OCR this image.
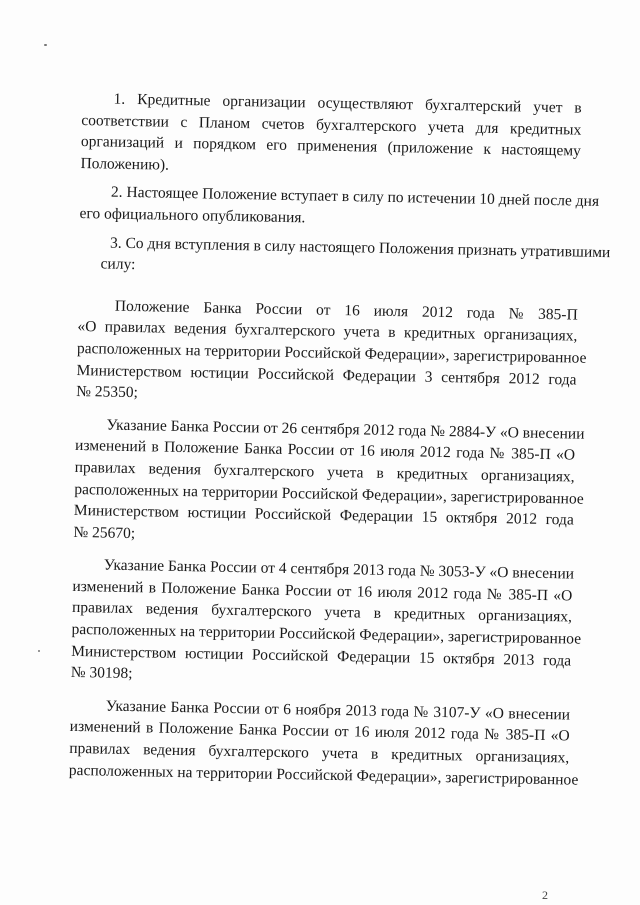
1.   Кредитные   организации   осуществляют   бухгалтерский   учет   в
соответствии с Планом счетов бухгалтерского учета для кредитных
организаций и порядком его применения (приложение к настоящему
Положению).
2. Настоящее Положение вступает в силу по истечении 10 дней после дня
его официального опубликования.
3. Со дня вступления в силу настоящего Положения признать утратившими
силу:
Положение   Банка   России   от   16   июля   2012   года   №   385-П
«О правилах ведения бухгалтерского учета в кредитных организациях,
расположенных на территории Российской Федерации», зарегистрированное
Министерством юстиции Российской Федерации 3 сентября 2012 года
№ 25350;
Указание Банка России от 26 сентября 2012 года № 2884-У «О внесении
изменений в Положение Банка России от 16 июля 2012 года № 385-П «О
правилах ведения бухгалтерского учета в кредитных организациях,
расположенных на территории Российской Федерации», зарегистрированное
Министерством юстиции Российской Федерации 15 октября 2012 года
№ 25670;
Указание Банка России от 4 сентября 2013 года № 3053-У «О внесении
изменений в Положение Банка России от 16 июля 2012 года № 385-П «О
правилах ведения бухгалтерского учета в кредитных организациях,
расположенных на территории Российской Федерации», зарегистрированное
Министерством юстиции Российской Федерации 15 октября 2013 года
№ 30198;
Указание Банка России от 6 ноября 2013 года № 3107-У «О внесении
изменений в Положение Банка России от 16 июля 2012 года № 385-П «О
правилах ведения бухгалтерского учета в кредитных организациях,
расположенных на территории Российской Федерации», зарегистрированное
2
